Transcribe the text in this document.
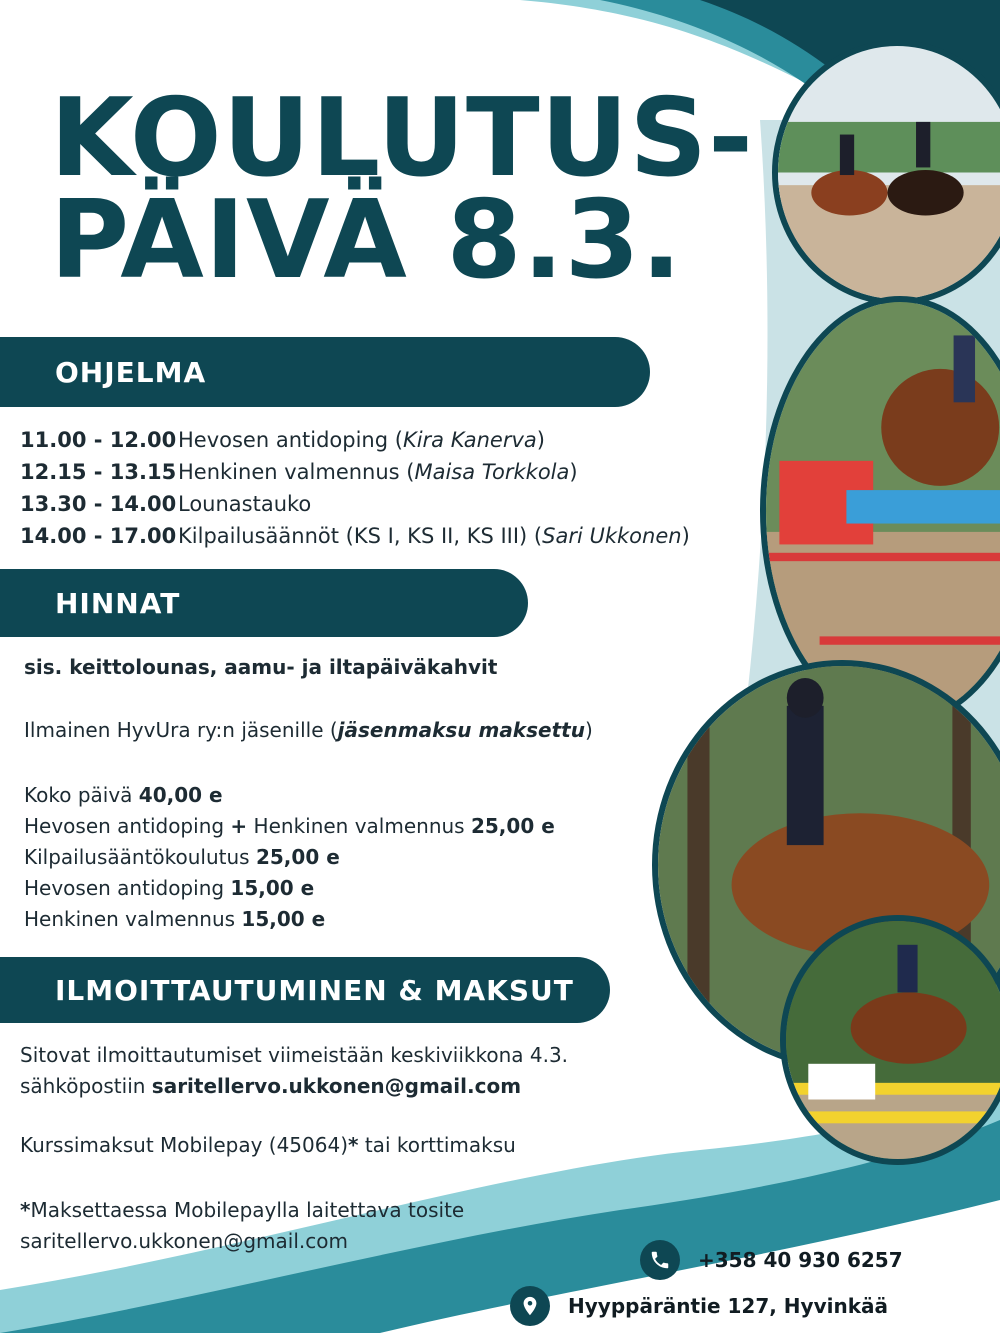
KOULUTUS-
PÄIVÄ 8.3.
OHJELMA
11.00 - 12.00 Hevosen antidoping (Kira Kanerva)
12.15 - 13.15 Henkinen valmennus (Maisa Torkkola)
13.30 - 14.00 Lounastauko
14.00 - 17.00 Kilpailusäännöt (KS I, KS II, KS III) (Sari Ukkonen)
HINNAT
sis. keittolounas, aamu- ja iltapäiväkahvit
Ilmainen HyvUra ry:n jäsenille (jäsenmaksu maksettu)
Koko päivä 40,00 e
Hevosen antidoping + Henkinen valmennus 25,00 e
Kilpailusääntökoulutus 25,00 e
Hevosen antidoping 15,00 e
Henkinen valmennus 15,00 e
ILMOITTAUTUMINEN & MAKSUT
Sitovat ilmoittautumiset viimeistään keskiviikkona 4.3.
sähköpostiin saritellervo.ukkonen@gmail.com
Kurssimaksut Mobilepay (45064)* tai korttimaksu
*Maksettaessa Mobilepaylla laitettava tosite
saritellervo.ukkonen@gmail.com
+358 40 930 6257
Hyyppäräntie 127, Hyvinkää
